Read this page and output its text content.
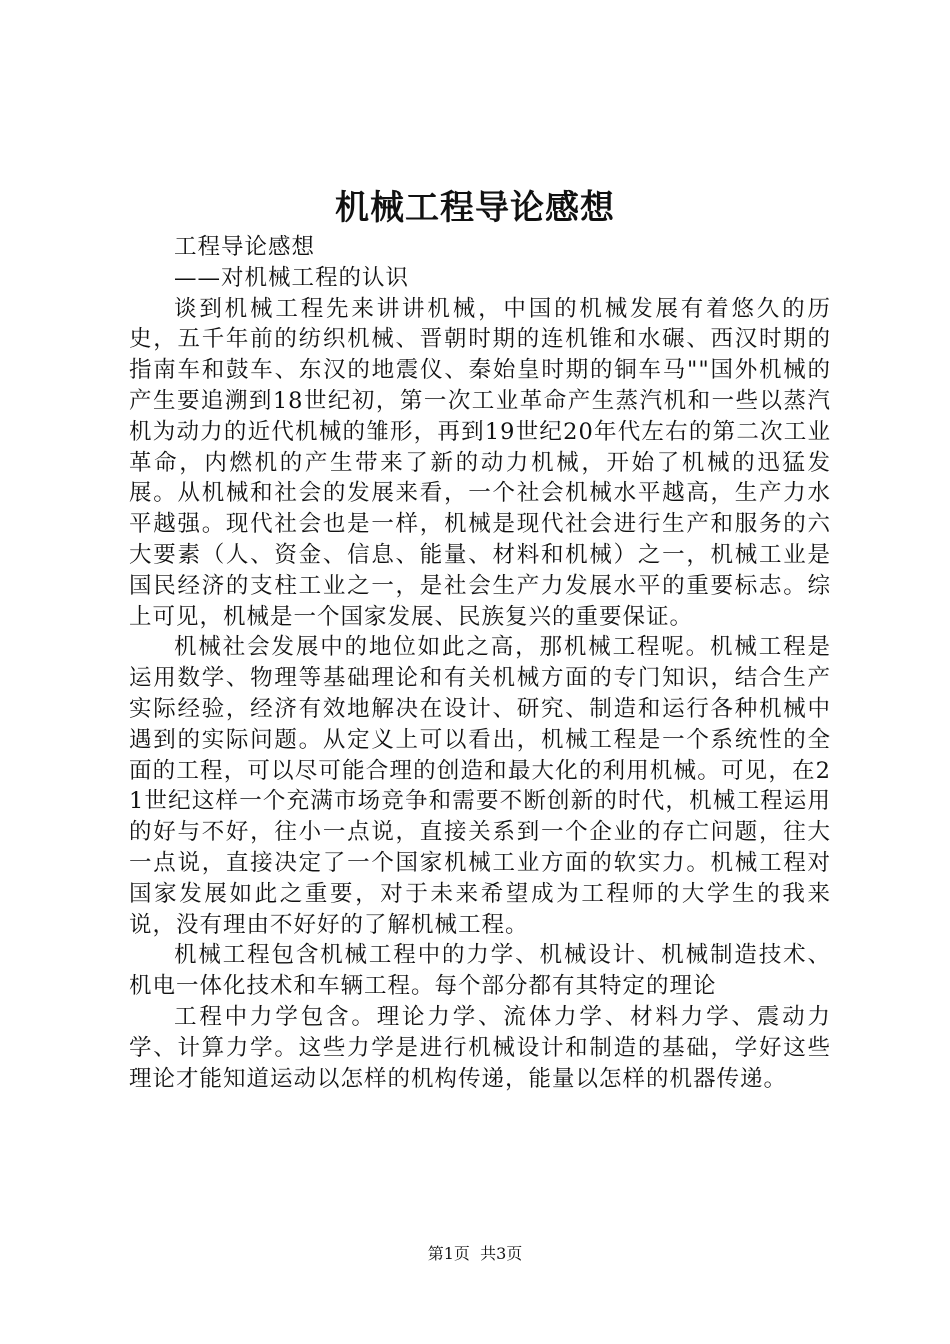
机械工程导论感想

工程导论感想

——对机械工程的认识

谈到机械工程先来讲讲机械，中国的机械发展有着悠久的历史，五千年前的纺织机械、晋朝时期的连机锥和水碾、西汉时期的指南车和鼓车、东汉的地震仪、秦始皇时期的铜车马""国外机械的产生要追溯到18世纪初，第一次工业革命产生蒸汽机和一些以蒸汽机为动力的近代机械的雏形，再到19世纪20年代左右的第二次工业革命，内燃机的产生带来了新的动力机械，开始了机械的迅猛发展。从机械和社会的发展来看，一个社会机械水平越高，生产力水平越强。现代社会也是一样，机械是现代社会进行生产和服务的六大要素（人、资金、信息、能量、材料和机械）之一，机械工业是国民经济的支柱工业之一，是社会生产力发展水平的重要标志。综上可见，机械是一个国家发展、民族复兴的重要保证。

机械社会发展中的地位如此之高，那机械工程呢。机械工程是运用数学、物理等基础理论和有关机械方面的专门知识，结合生产实际经验，经济有效地解决在设计、研究、制造和运行各种机械中遇到的实际问题。从定义上可以看出，机械工程是一个系统性的全面的工程，可以尽可能合理的创造和最大化的利用机械。可见，在21世纪这样一个充满市场竞争和需要不断创新的时代，机械工程运用的好与不好，往小一点说，直接关系到一个企业的存亡问题，往大一点说，直接决定了一个国家机械工业方面的软实力。机械工程对国家发展如此之重要，对于未来希望成为工程师的大学生的我来说，没有理由不好好的了解机械工程。

机械工程包含机械工程中的力学、机械设计、机械制造技术、机电一体化技术和车辆工程。每个部分都有其特定的理论

工程中力学包含。理论力学、流体力学、材料力学、震动力学、计算力学。这些力学是进行机械设计和制造的基础，学好这些理论才能知道运动以怎样的机构传递，能量以怎样的机器传递。

第1页  共3页
